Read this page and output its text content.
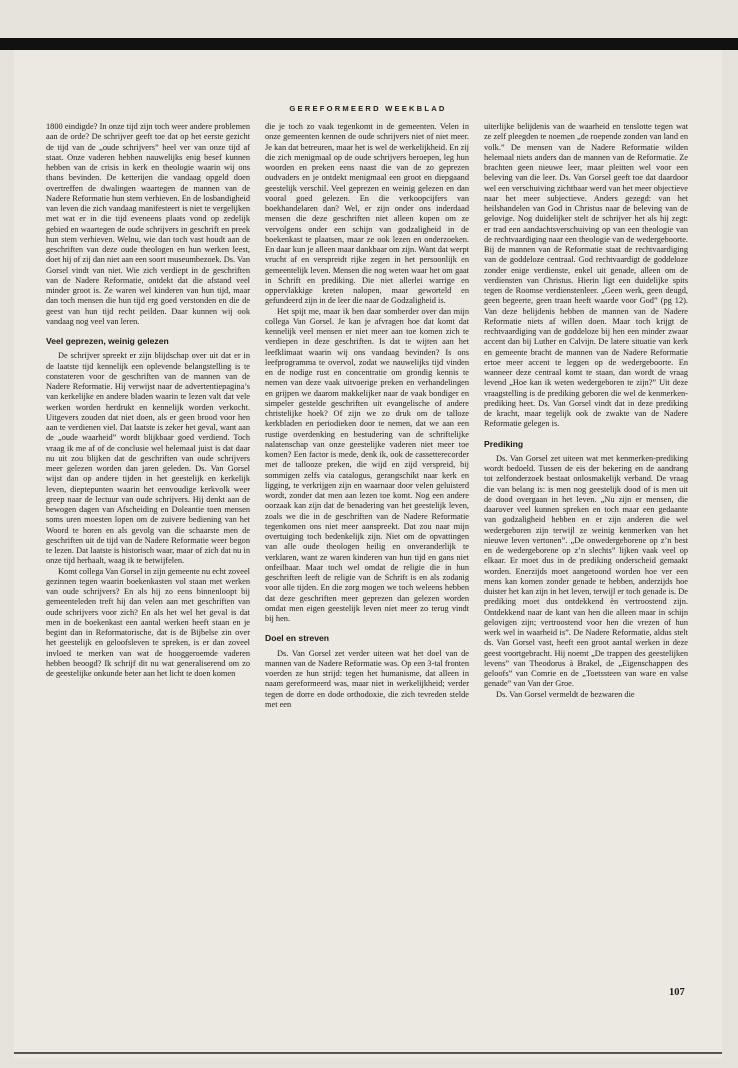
GEREFORMEERD WEEKBLAD

1800 eindigde? In onze tijd zijn toch weer andere problemen aan de orde? De schrijver geeft toe dat op het eerste gezicht de tijd van de „oude schrijvers” heel ver van onze tijd af staat. Onze vaderen hebben nauwelijks enig besef kunnen hebben van de crisis in kerk en theologie waarin wij ons thans bevinden. De ketterijen die vandaag opgeld doen overtreffen de dwalingen waartegen de mannen van de Nadere Reformatie hun stem verhieven. En de losbandigheid van leven die zich vandaag manifesteert is niet te vergelijken met wat er in die tijd eveneens plaats vond op zedelijk gebied en waartegen de oude schrijvers in geschrift en preek hun stem verhieven. Welnu, wie dan toch vast houdt aan de geschriften van deze oude theologen en hun werken leest, doet hij of zij dan niet aan een soort museumbezoek. Ds. Van Gorsel vindt van niet. Wie zich verdiept in de geschriften van de Nadere Reformatie, ontdekt dat die afstand veel minder groot is. Ze waren wel kinderen van hun tijd, maar dan toch mensen die hun tijd erg goed verstonden en die de geest van hun tijd recht peilden. Daar kunnen wij ook vandaag nog veel van leren.

Veel geprezen, weinig gelezen

De schrijver spreekt er zijn blijdschap over uit dat er in de laatste tijd kennelijk een oplevende belangstelling is te constateren voor de geschriften van de mannen van de Nadere Reformatie. Hij verwijst naar de advertentiepagina’s van kerkelijke en andere bladen waarin te lezen valt dat vele werken worden herdrukt en kennelijk worden verkocht. Uitgevers zouden dat niet doen, als er geen brood voor hen aan te verdienen viel. Dat laatste is zeker het geval, want aan de „oude waarheid” wordt blijkbaar goed verdiend. Toch vraag ik me af of de conclusie wel helemaal juist is dat daar nu uit zou blijken dat de geschriften van oude schrijvers meer gelezen worden dan jaren geleden. Ds. Van Gorsel wijst dan op andere tijden in het geestelijk en kerkelijk leven, dieptepunten waarin het eenvoudige kerkvolk weer greep naar de lectuur van oude schrijvers. Hij denkt aan de bewogen dagen van Afscheiding en Doleantie toen mensen soms uren moesten lopen om de zuivere bediening van het Woord te horen en als gevolg van die schaarste men de geschriften uit de tijd van de Nadere Reformatie weer begon te lezen. Dat laatste is historisch waar, maar of zich dat nu in onze tijd herhaalt, waag ik te betwijfelen.

Komt collega Van Gorsel in zijn gemeente nu echt zoveel gezinnen tegen waarin boekenkasten vol staan met werken van oude schrijvers? En als hij zo eens binnenloopt bij gemeenteleden treft hij dan velen aan met geschriften van oude schrijvers voor zich? En als het wel het geval is dat men in de boekenkast een aantal werken heeft staan en je begint dan in Reformatorische, dat is de Bijbelse zin over het geestelijk en geloofsleven te spreken, is er dan zoveel invloed te merken van wat de hooggeroemde vaderen hebben beoogd? Ik schrijf dit nu wat generaliserend om zo de geestelijke onkunde beter aan het licht te doen komen

die je toch zo vaak tegenkomt in de gemeenten. Velen in onze gemeenten kennen de oude schrijvers niet of niet meer. Je kan dat betreuren, maar het is wel de werkelijkheid. En zij die zich menigmaal op de oude schrijvers beroepen, leg hun woorden en preken eens naast die van de zo geprezen oudvaders en je ontdekt menigmaal een groot en diepgaand geestelijk verschil. Veel geprezen en weinig gelezen en dan vooral goed gelezen. En die verkoopcijfers van boekhandelaren dan? Wel, er zijn onder ons inderdaad mensen die deze geschriften niet alleen kopen om ze vervolgens onder een schijn van godzaligheid in de boekenkast te plaatsen, maar ze ook lezen en onderzoeken. En daar kun je alleen maar dankbaar om zijn. Want dat werpt vrucht af en verspreidt rijke zegen in het persoonlijk en gemeentelijk leven. Mensen die nog weten waar het om gaat in Schrift en prediking. Die niet allerlei warrige en oppervlakkige kreten nalopen, maar geworteld en gefundeerd zijn in de leer die naar de Godzaligheid is.

Het spijt me, maar ik ben daar somberder over dan mijn collega Van Gorsel. Je kan je afvragen hoe dat komt dat kennelijk veel mensen er niet meer aan toe komen zich te verdiepen in deze geschriften. Is dat te wijten aan het leefklimaat waarin wij ons vandaag bevinden? Is ons leefprogramma te overvol, zodat we nauwelijks tijd vinden en de nodige rust en concentratie om grondig kennis te nemen van deze vaak uitvoerige preken en verhandelingen en grijpen we daarom makkelijker naar de vaak bondiger en simpeler gestelde geschriften uit evangelische of andere christelijke hoek? Of zijn we zo druk om de talloze kerkbladen en periodieken door te nemen, dat we aan een rustige overdenking en bestudering van de schriftelijke nalatenschap van onze geestelijke vaderen niet meer toe komen? Een factor is mede, denk ik, ook de cassetterecorder met de tallooze preken, die wijd en zijd verspreid, bij sommigen zelfs via catalogus, gerangschikt naar kerk en ligging, te verkrijgen zijn en waarnaar door velen geluisterd wordt, zonder dat men aan lezen toe komt. Nog een andere oorzaak kan zijn dat de benadering van het geestelijk leven, zoals we die in de geschriften van de Nadere Reformatie tegenkomen ons niet meer aanspreekt. Dat zou naar mijn overtuiging toch bedenkelijk zijn. Niet om de opvattingen van alle oude theologen heilig en onveranderlijk te verklaren, want ze waren kinderen van hun tijd en gans niet onfeilbaar. Maar toch wel omdat de religie die in hun geschriften leeft de religie van de Schrift is en als zodanig voor alle tijden. En die zorg mogen we toch weleens hebben dat deze geschriften meer geprezen dan gelezen worden omdat men eigen geestelijk leven niet meer zo terug vindt bij hen.

Doel en streven

Ds. Van Gorsel zet verder uiteen wat het doel van de mannen van de Nadere Reformatie was. Op een 3-tal fronten voerden ze hun strijd: tegen het humanisme, dat alleen in naam gereformeerd was, maar niet in werkelijkheid; verder tegen de dorre en dode orthodoxie, die zich tevreden stelde met een

uiterlijke belijdenis van de waarheid en tenslotte tegen wat ze zelf pleegden te noemen „de roepende zonden van land en volk.” De mensen van de Nadere Reformatie wilden helemaal niets anders dan de mannen van de Reformatie. Ze brachten geen nieuwe leer, maar pleitten wel voor een beleving van die leer. Ds. Van Gorsel geeft toe dat daardoor wel een verschuiving zichtbaar werd van het meer objectieve naar het meer subjectieve. Anders gezegd: van het heilshandelen van God in Christus naar de beleving van de gelovige. Nog duidelijker stelt de schrijver het als hij zegt: er trad een aandachtsverschuiving op van een theologie van de rechtvaardiging naar een theologie van de wedergeboorte. Bij de mannen van de Reformatie staat de rechtvaardiging van de goddeloze centraal. God rechtvaardigt de goddeloze zonder enige verdienste, enkel uit genade, alleen om de verdiensten van Christus. Hierin ligt een duidelijke spits tegen de Roomse verdienstenleer. „Geen werk, geen deugd, geen begeerte, geen traan heeft waarde voor God” (pg 12). Van deze belijdenis hebben de mannen van de Nadere Reformatie niets af willen doen. Maar toch krijgt de rechtvaardiging van de goddeloze bij hen een minder zwaar accent dan bij Luther en Calvijn. De latere situatie van kerk en gemeente bracht de mannen van de Nadere Reformatie ertoe meer accent te leggen op de wedergeboorte. En wanneer deze centraal komt te staan, dan wordt de vraag levend „Hoe kan ik weten wedergeboren te zijn?” Uit deze vraagstelling is de prediking geboren die wel de kenmerken-prediking heet. Ds. Van Gorsel vindt dat in deze prediking de kracht, maar tegelijk ook de zwakte van de Nadere Reformatie gelegen is.

Prediking

Ds. Van Gorsel zet uiteen wat met kenmerken-prediking wordt bedoeld. Tussen de eis der bekering en de aandrang tot zelfonderzoek bestaat onlosmakelijk verband. De vraag die van belang is: is men nog geestelijk dood of is men uit de dood overgaan in het leven. „Nu zijn er mensen, die daarover veel kunnen spreken en toch maar een gedaante van godzaligheid hebben en er zijn anderen die wel wedergeboren zijn terwijl ze weinig kenmerken van het nieuwe leven vertonen”. „De onwedergeborene op z’n best en de wedergeborene op z’n slechts” lijken vaak veel op elkaar. Er moet dus in de prediking onderscheid gemaakt worden. Enerzijds moet aangetoond worden hoe ver een mens kan komen zonder genade te hebben, anderzijds hoe duister het kan zijn in het leven, terwijl er toch genade is. De prediking moet dus ontdekkend èn vertroostend zijn. Ontdekkend naar de kant van hen die alleen maar in schijn gelovigen zijn; vertroostend voor hen die vrezen of hun werk wel in waarheid is”. De Nadere Reformatie, aldus stelt ds. Van Gorsel vast, heeft een groot aantal werken in deze geest voortgebracht. Hij noemt „De trappen des geestelijken levens” van Theodorus à Brakel, de „Eigenschappen des geloofs” van Comrie en de „Toetssteen van ware en valse genade” van Van der Groe.

Ds. Van Gorsel vermeldt de bezwaren die

107
